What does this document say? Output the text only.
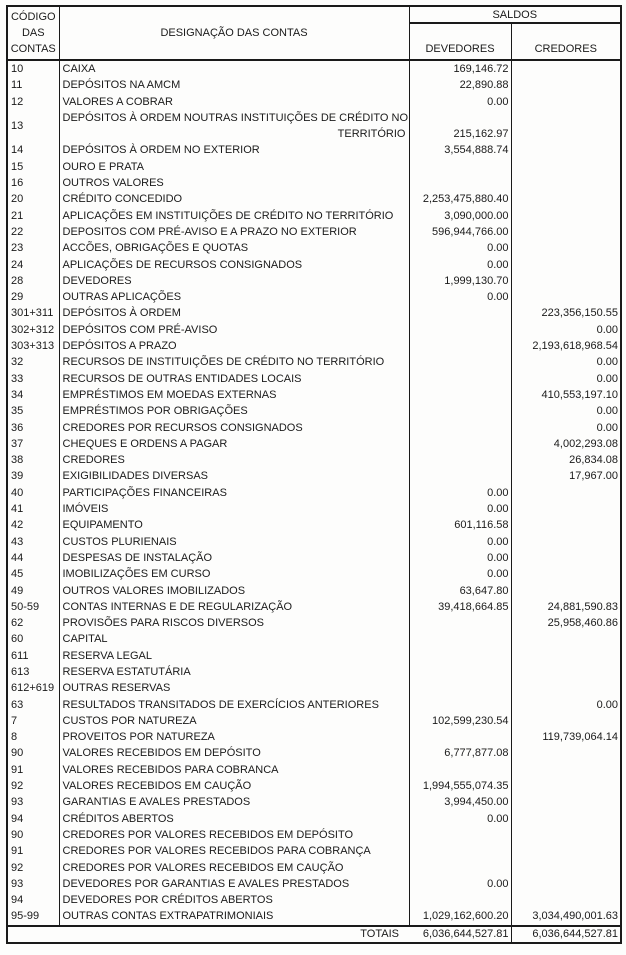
CÓDIGO
DAS
CONTAS	DESIGNAÇÃO DAS CONTAS	SALDOS	
		DEVEDORES	CREDORES
10	CAIXA	169,146.72	
11	DEPÓSITOS NA AMCM	22,890.88	
12	VALORES A COBRAR	0.00	
13	DEPÓSITOS À ORDEM NOUTRAS INSTITUIÇÕES DE CRÉDITO NO
TERRITÓRIO	215,162.97	
14	DEPÓSITOS À ORDEM NO EXTERIOR	3,554,888.74	
15	OURO E PRATA		
16	OUTROS VALORES		
20	CRÉDITO CONCEDIDO	2,253,475,880.40	
21	APLICAÇÕES EM INSTITUIÇÕES DE CRÉDITO NO TERRITÓRIO	3,090,000.00	
22	DEPOSITOS COM PRÉ-AVISO E A PRAZO NO EXTERIOR	596,944,766.00	
23	ACCÕES, OBRIGAÇÕES E QUOTAS	0.00	
24	APLICAÇÕES DE RECURSOS CONSIGNADOS	0.00	
28	DEVEDORES	1,999,130.70	
29	OUTRAS APLICAÇÕES	0.00	
301+311	DEPÓSITOS À ORDEM		223,356,150.55
302+312	DEPÓSITOS COM PRÉ-AVISO		0.00
303+313	DEPÓSITOS A PRAZO		2,193,618,968.54
32	RECURSOS DE INSTITUIÇÕES DE CRÉDITO NO TERRITÓRIO		0.00
33	RECURSOS DE OUTRAS ENTIDADES LOCAIS		0.00
34	EMPRÉSTIMOS EM MOEDAS EXTERNAS		410,553,197.10
35	EMPRÉSTIMOS POR OBRIGAÇÕES		0.00
36	CREDORES POR RECURSOS CONSIGNADOS		0.00
37	CHEQUES E ORDENS A PAGAR		4,002,293.08
38	CREDORES		26,834.08
39	EXIGIBILIDADES DIVERSAS		17,967.00
40	PARTICIPAÇÕES FINANCEIRAS	0.00	
41	IMÓVEIS	0.00	
42	EQUIPAMENTO	601,116.58	
43	CUSTOS PLURIENAIS	0.00	
44	DESPESAS DE INSTALAÇÃO	0.00	
45	IMOBILIZAÇÕES EM CURSO	0.00	
49	OUTROS VALORES IMOBILIZADOS	63,647.80	
50-59	CONTAS INTERNAS E DE REGULARIZAÇÃO	39,418,664.85	24,881,590.83
62	PROVISÕES PARA RISCOS DIVERSOS		25,958,460.86
60	CAPITAL		
611	RESERVA LEGAL		
613	RESERVA ESTATUTÁRIA		
612+619	OUTRAS RESERVAS		
63	RESULTADOS TRANSITADOS DE EXERCÍCIOS ANTERIORES		0.00
7	CUSTOS POR NATUREZA	102,599,230.54	
8	PROVEITOS POR NATUREZA		119,739,064.14
90	VALORES RECEBIDOS EM DEPÓSITO	6,777,877.08	
91	VALORES RECEBIDOS PARA COBRANCA		
92	VALORES RECEBIDOS EM CAUÇÃO	1,994,555,074.35	
93	GARANTIAS E AVALES PRESTADOS	3,994,450.00	
94	CRÉDITOS ABERTOS	0.00	
90	CREDORES POR VALORES RECEBIDOS EM DEPÓSITO		
91	CREDORES POR VALORES RECEBIDOS PARA COBRANÇA		
92	CREDORES POR VALORES RECEBIDOS EM CAUÇÃO		
93	DEVEDORES POR GARANTIAS E AVALES PRESTADOS	0.00	
94	DEVEDORES POR CRÉDITOS ABERTOS		
95-99	OUTRAS CONTAS EXTRAPATRIMONIAIS	1,029,162,600.20	3,034,490,001.63
TOTAIS		6,036,644,527.81	6,036,644,527.81
